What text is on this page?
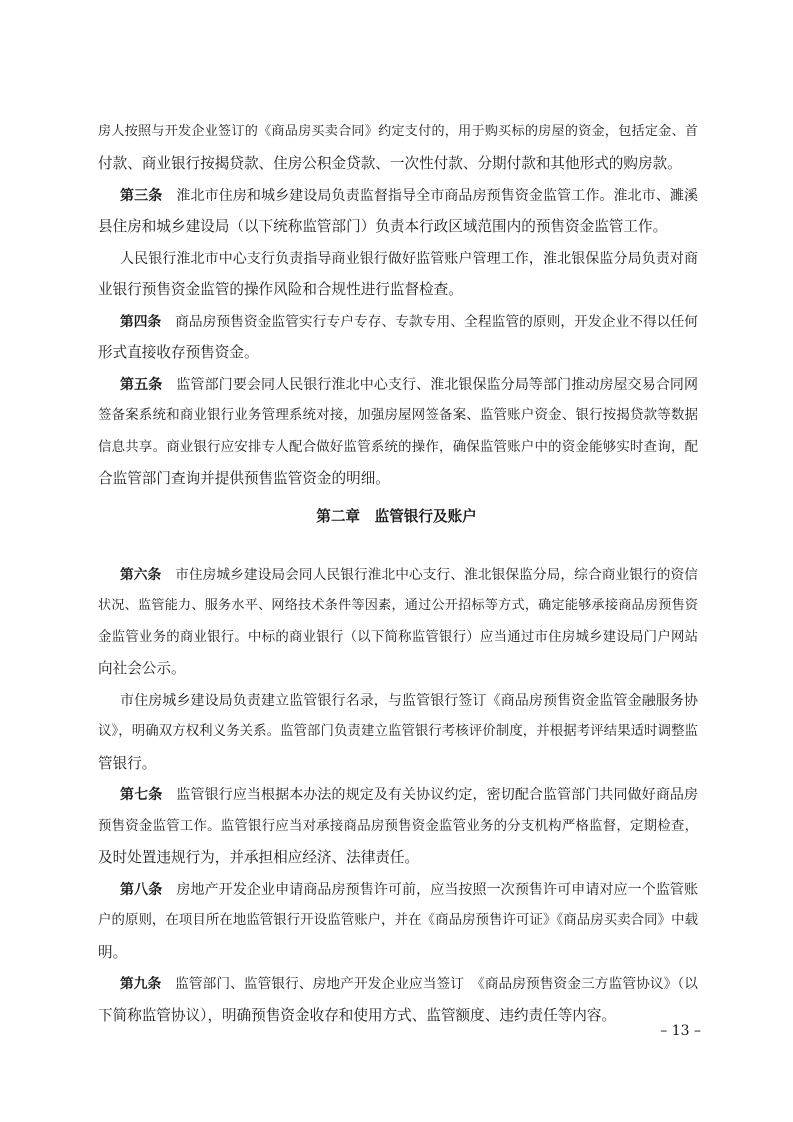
房人按照与开发企业签订的《商品房买卖合同》约定支付的，用于购买标的房屋的资金，包括定金、首
付款、商业银行按揭贷款、住房公积金贷款、一次性付款、分期付款和其他形式的购房款。
第三条　 淮北市住房和城乡建设局负责监督指导全市商品房预售资金监管工作。淮北市、濉溪
县住房和城乡建设局（以下统称监管部门）负责本行政区域范围内的预售资金监管工作。
人民银行淮北市中心支行负责指导商业银行做好监管账户管理工作，淮北银保监分局负责对商
业银行预售资金监管的操作风险和合规性进行监督检查。
第四条　 商品房预售资金监管实行专户专存、专款专用、全程监管的原则，开发企业不得以任何
形式直接收存预售资金。
第五条　 监管部门要会同人民银行淮北中心支行、淮北银保监分局等部门推动房屋交易合同网
签备案系统和商业银行业务管理系统对接，加强房屋网签备案、监管账户资金、银行按揭贷款等数据
信息共享。商业银行应安排专人配合做好监管系统的操作，确保监管账户中的资金能够实时查询，配
合监管部门查询并提供预售监管资金的明细。
第二章　监管银行及账户
第六条　 市住房城乡建设局会同人民银行淮北中心支行、淮北银保监分局，综合商业银行的资信
状况、监管能力、服务水平、网络技术条件等因素，通过公开招标等方式，确定能够承接商品房预售资
金监管业务的商业银行。中标的商业银行（以下简称监管银行）应当通过市住房城乡建设局门户网站
向社会公示。
市住房城乡建设局负责建立监管银行名录，与监管银行签订《商品房预售资金监管金融服务协
议》，明确双方权利义务关系。监管部门负责建立监管银行考核评价制度，并根据考评结果适时调整监
管银行。
第七条　 监管银行应当根据本办法的规定及有关协议约定，密切配合监管部门共同做好商品房
预售资金监管工作。监管银行应当对承接商品房预售资金监管业务的分支机构严格监督，定期检查，
及时处置违规行为，并承担相应经济、法律责任。
第八条　 房地产开发企业申请商品房预售许可前，应当按照一次预售许可申请对应一个监管账
户的原则，在项目所在地监管银行开设监管账户，并在《商品房预售许可证》《商品房买卖合同》中载
明。
第九条　 监管部门、监管银行、房地产开发企业应当签订　《商品房预售资金三方监管协议》（以
下简称监管协议），明确预售资金收存和使用方式、监管额度、违约责任等内容。
– 13 –
